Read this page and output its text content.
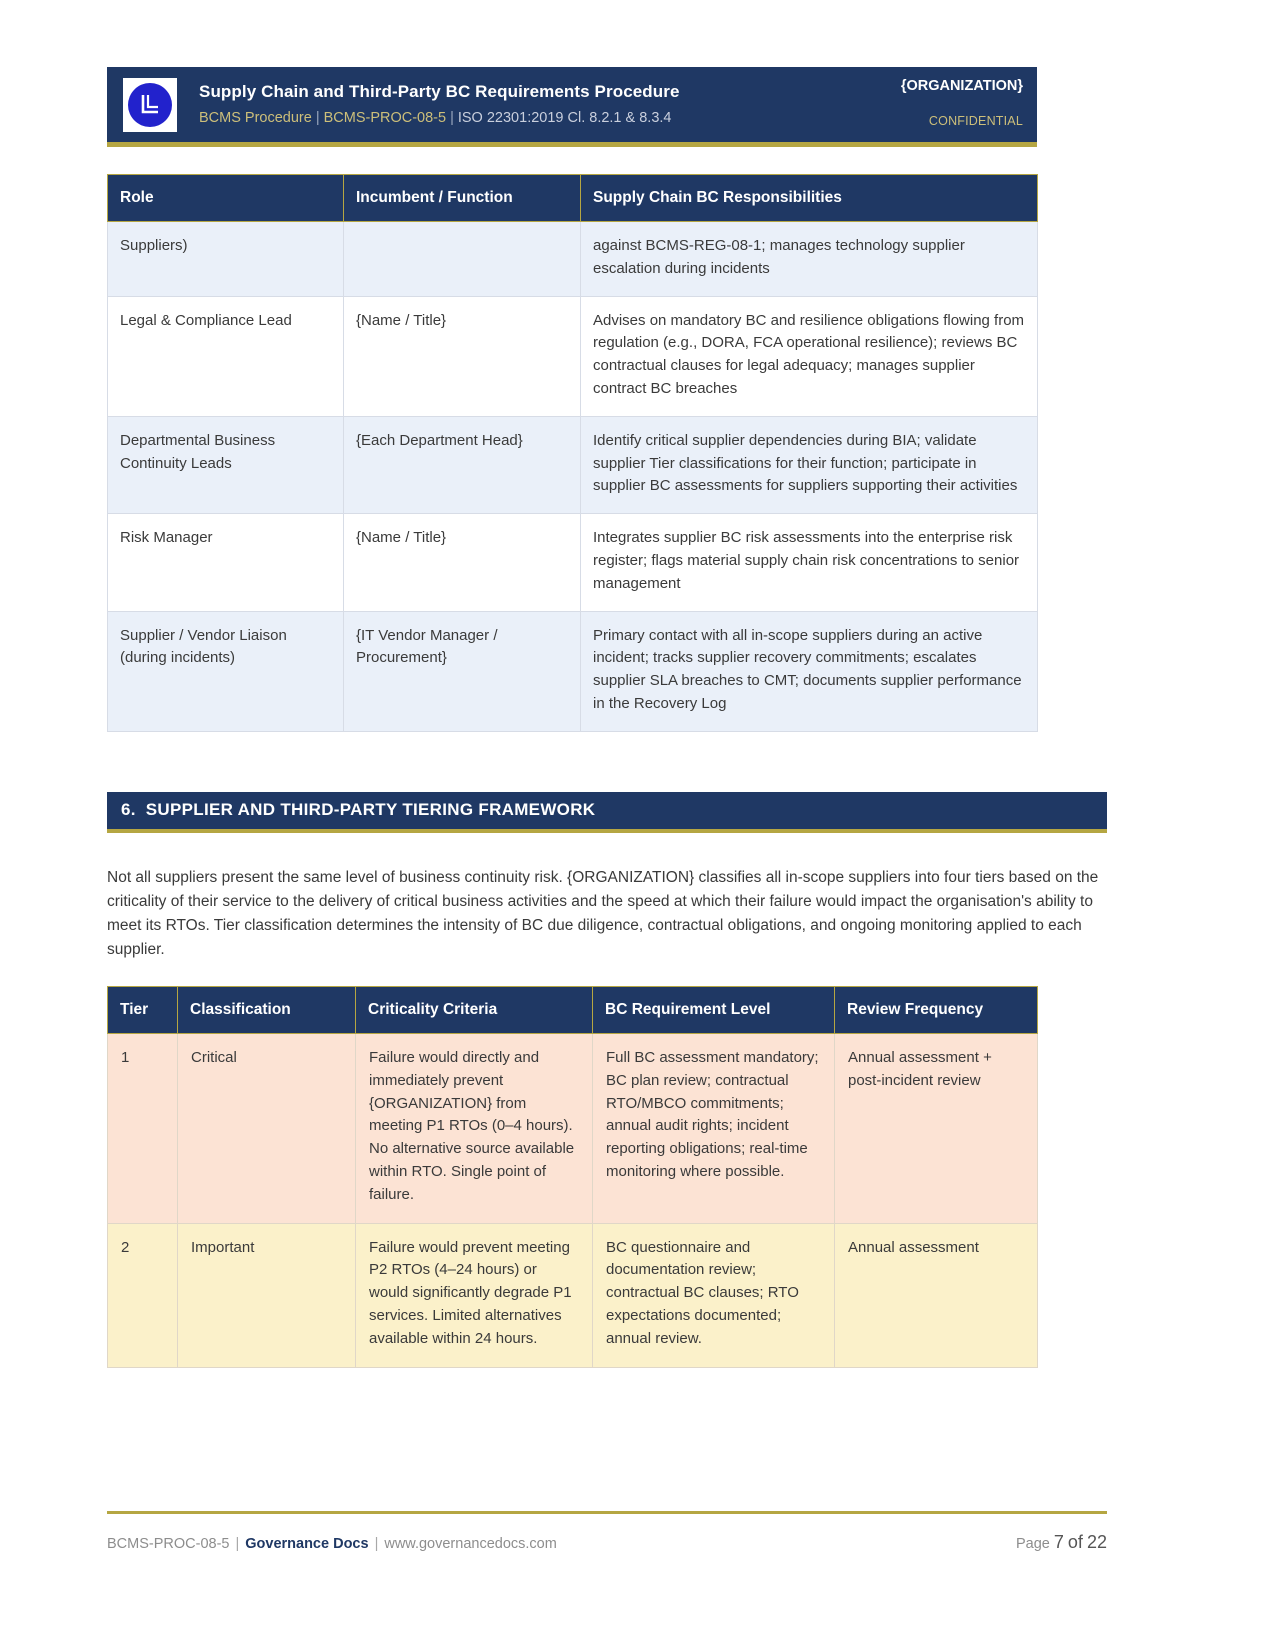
Supply Chain and Third-Party BC Requirements Procedure
BCMS Procedure | BCMS-PROC-08-5 | ISO 22301:2019 Cl. 8.2.1 & 8.3.4
{ORGANIZATION}
CONFIDENTIAL
Role	Incumbent / Function	Supply Chain BC Responsibilities
Suppliers)		against BCMS-REG-08-1; manages technology supplier escalation during incidents
Legal & Compliance Lead	{Name / Title}	Advises on mandatory BC and resilience obligations flowing from regulation (e.g., DORA, FCA operational resilience); reviews BC contractual clauses for legal adequacy; manages supplier contract BC breaches
Departmental Business Continuity Leads	{Each Department Head}	Identify critical supplier dependencies during BIA; validate supplier Tier classifications for their function; participate in supplier BC assessments for suppliers supporting their activities
Risk Manager	{Name / Title}	Integrates supplier BC risk assessments into the enterprise risk register; flags material supply chain risk concentrations to senior management
Supplier / Vendor Liaison (during incidents)	{IT Vendor Manager / Procurement}	Primary contact with all in-scope suppliers during an active incident; tracks supplier recovery commitments; escalates supplier SLA breaches to CMT; documents supplier performance in the Recovery Log
6. SUPPLIER AND THIRD-PARTY TIERING FRAMEWORK

Not all suppliers present the same level of business continuity risk. {ORGANIZATION} classifies all in-scope suppliers into four tiers based on the criticality of their service to the delivery of critical business activities and the speed at which their failure would impact the organisation's ability to meet its RTOs. Tier classification determines the intensity of BC due diligence, contractual obligations, and ongoing monitoring applied to each supplier.

Tier	Classification	Criticality Criteria	BC Requirement Level	Review Frequency
1	Critical	Failure would directly and immediately prevent {ORGANIZATION} from meeting P1 RTOs (0–4 hours). No alternative source available within RTO. Single point of failure.	Full BC assessment mandatory; BC plan review; contractual RTO/MBCO commitments; annual audit rights; incident reporting obligations; real-time monitoring where possible.	Annual assessment + post-incident review
2	Important	Failure would prevent meeting P2 RTOs (4–24 hours) or would significantly degrade P1 services. Limited alternatives available within 24 hours.	BC questionnaire and documentation review; contractual BC clauses; RTO expectations documented; annual review.	Annual assessment
BCMS-PROC-08-5 | Governance Docs | www.governancedocs.com	Page 7 of 22
